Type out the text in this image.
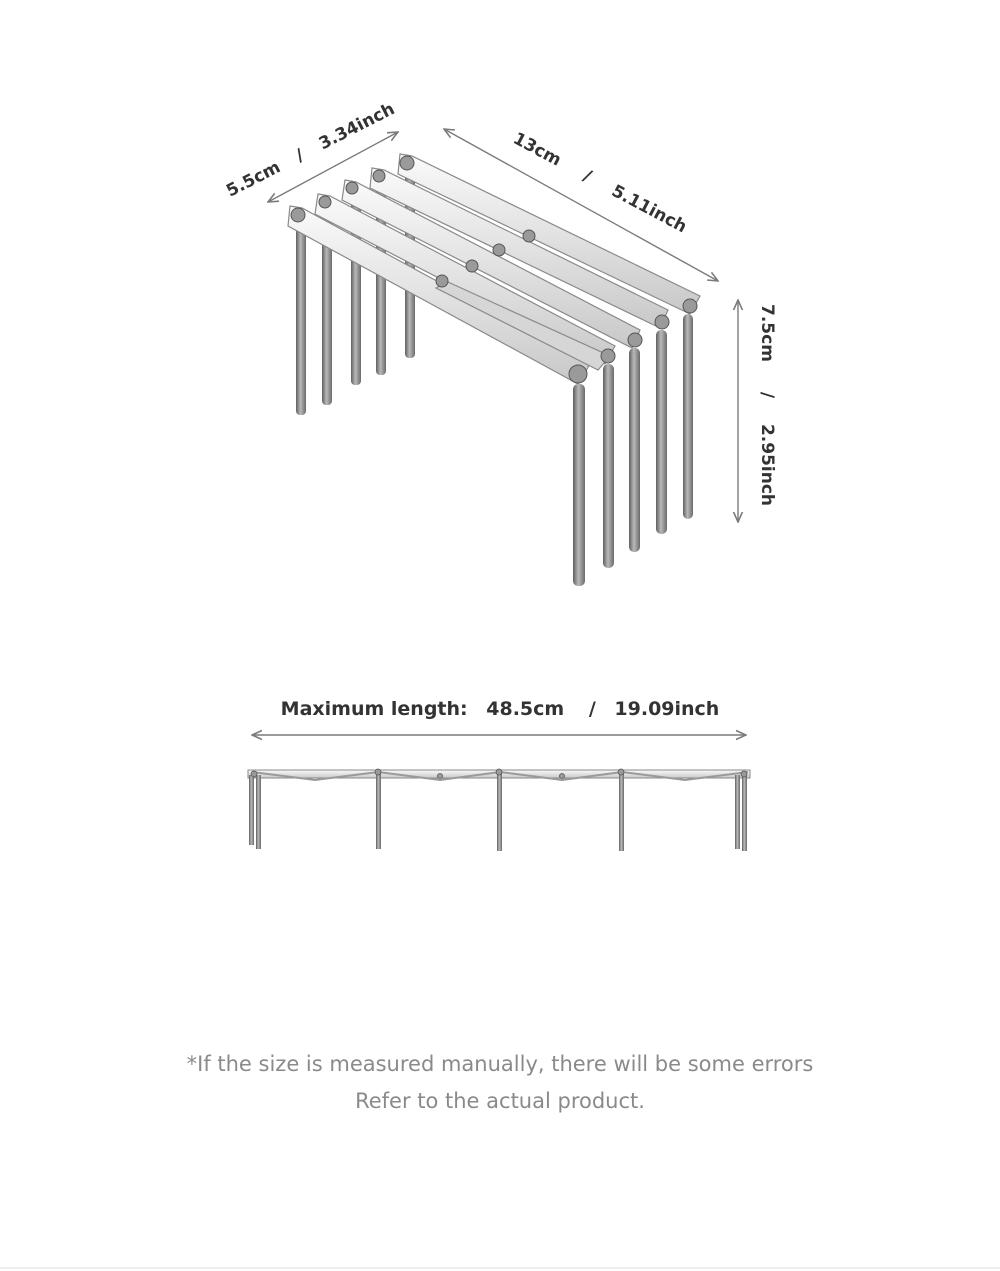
5.5cm / 3.34inch	13cm / 5.11inch
7.5cm / 2.95inch
Maximum length: 48.5cm / 19.09inch
*If the size is measured manually, there will be some errors
Refer to the actual product.
